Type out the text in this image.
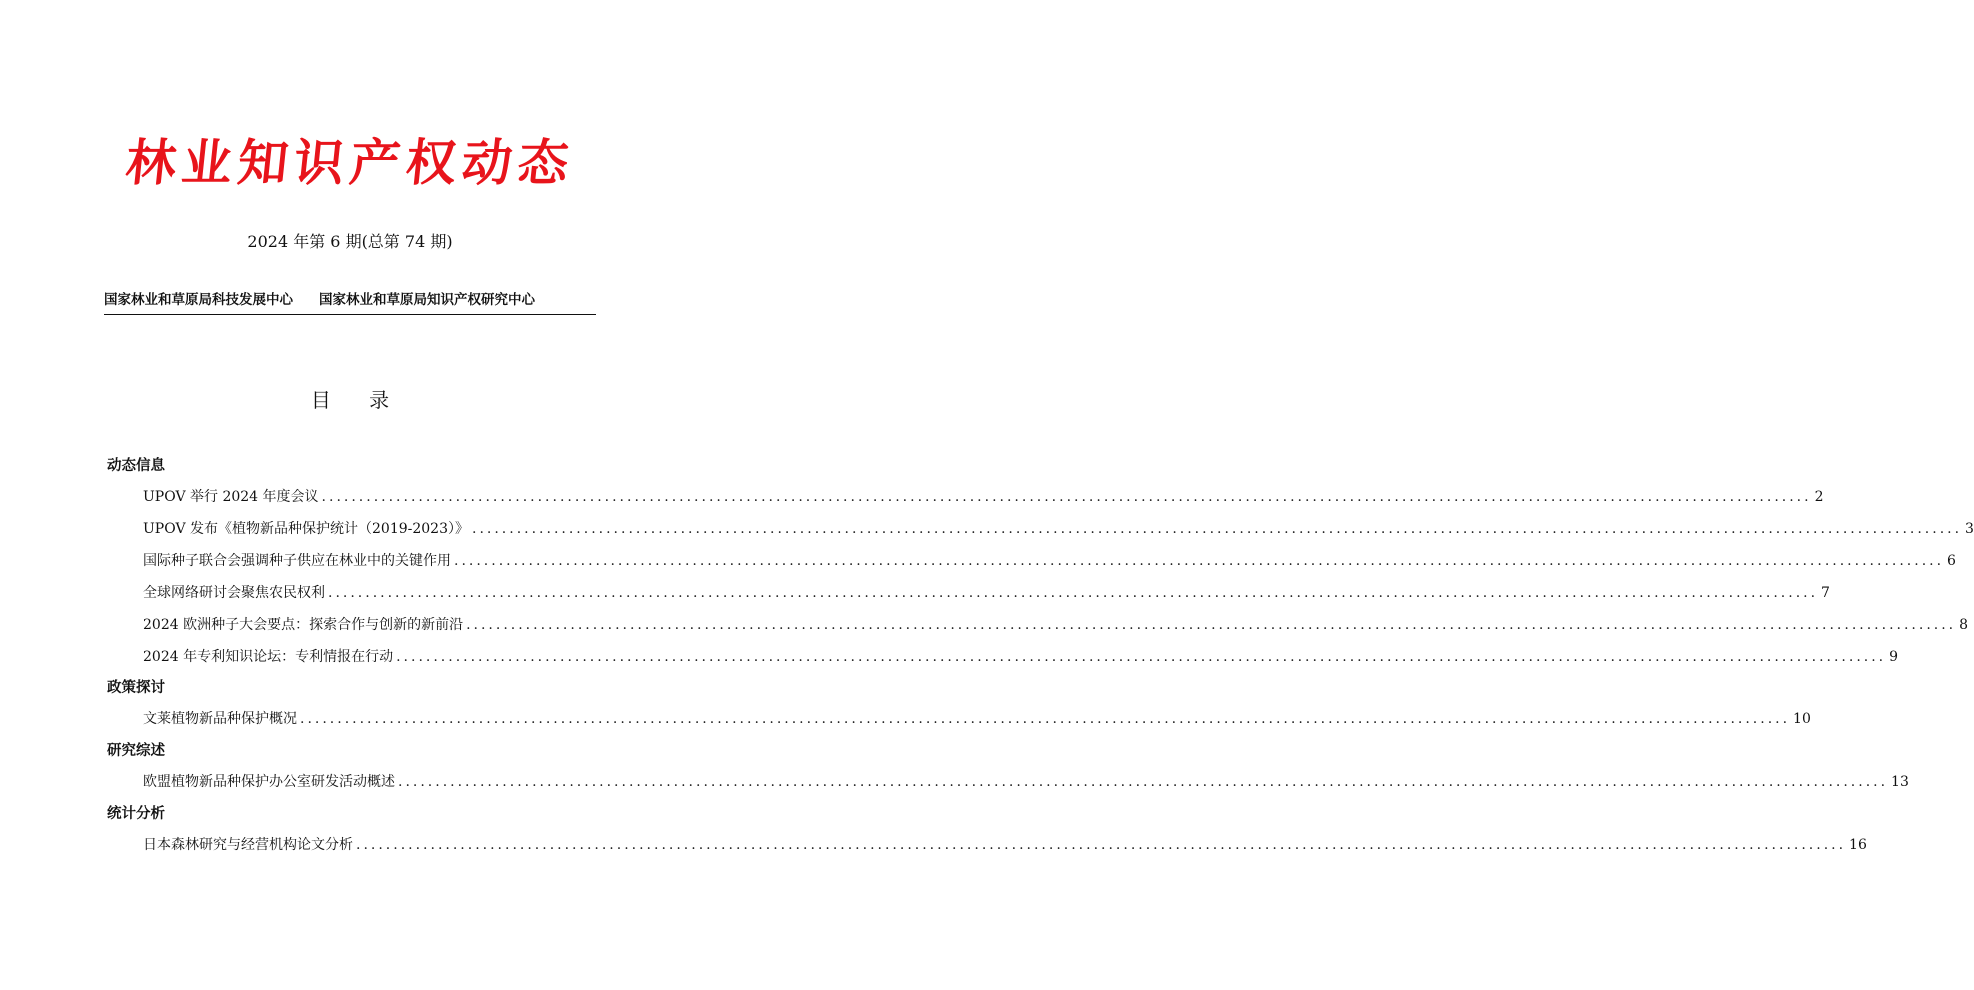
林业知识产权动态
2024 年第 6 期(总第 74 期)
国家林业和草原局科技发展中心 国家林业和草原局知识产权研究中心
目      录
动态信息
UPOV 举行 2024 年度会议 ........................................................................................................................................................................................................ 2
UPOV 发布《植物新品种保护统计（2019-2023）》 ........................................................................................................................................................................................................ 3
国际种子联合会强调种子供应在林业中的关键作用 ........................................................................................................................................................................................................ 6
全球网络研讨会聚焦农民权利 ........................................................................................................................................................................................................ 7
2024 欧洲种子大会要点：探索合作与创新的新前沿 ........................................................................................................................................................................................................ 8
2024 年专利知识论坛：专利情报在行动 ........................................................................................................................................................................................................ 9
政策探讨
文莱植物新品种保护概况 ........................................................................................................................................................................................................ 10
研究综述
欧盟植物新品种保护办公室研发活动概述 ........................................................................................................................................................................................................ 13
统计分析
日本森林研究与经营机构论文分析 ........................................................................................................................................................................................................ 16
